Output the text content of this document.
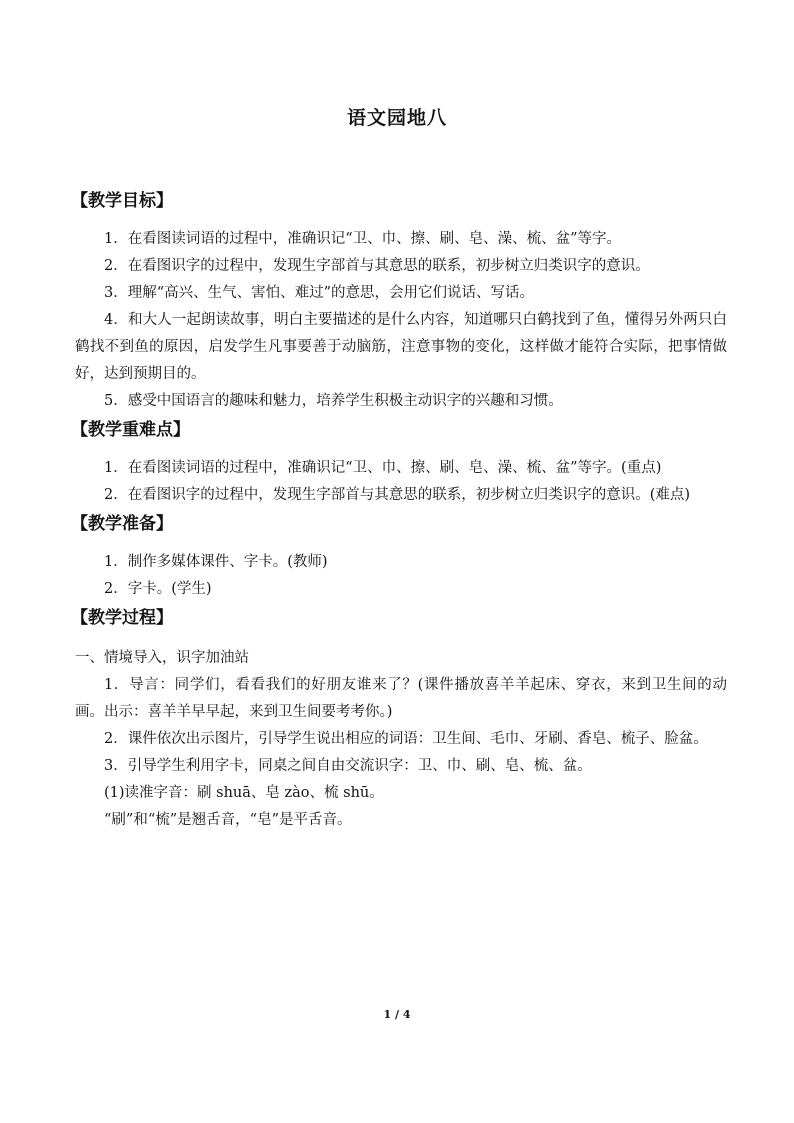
语文园地八
【教学目标】

1．在看图读词语的过程中，准确识记“卫、巾、擦、刷、皂、澡、梳、盆”等字。

2．在看图识字的过程中，发现生字部首与其意思的联系，初步树立归类识字的意识。

3．理解“高兴、生气、害怕、难过”的意思，会用它们说话、写话。

4．和大人一起朗读故事，明白主要描述的是什么内容，知道哪只白鹤找到了鱼，懂得另外两只白鹤找不到鱼的原因，启发学生凡事要善于动脑筋，注意事物的变化，这样做才能符合实际，把事情做好，达到预期目的。

5．感受中国语言的趣味和魅力，培养学生积极主动识字的兴趣和习惯。

【教学重难点】

1．在看图读词语的过程中，准确识记“卫、巾、擦、刷、皂、澡、梳、盆”等字。(重点)

2．在看图识字的过程中，发现生字部首与其意思的联系，初步树立归类识字的意识。(难点)

【教学准备】

1．制作多媒体课件、字卡。(教师)

2．字卡。(学生)

【教学过程】

一、情境导入，识字加油站

1．导言：同学们，看看我们的好朋友谁来了？(课件播放喜羊羊起床、穿衣，来到卫生间的动画。出示：喜羊羊早早起，来到卫生间要考考你。)

2．课件依次出示图片，引导学生说出相应的词语：卫生间、毛巾、牙刷、香皂、梳子、脸盆。

3．引导学生利用字卡，同桌之间自由交流识字：卫、巾、刷、皂、梳、盆。

(1)读准字音：刷 shuā、皂 zào、梳 shū。

“刷”和“梳”是翘舌音，“皂”是平舌音。

1 / 4
